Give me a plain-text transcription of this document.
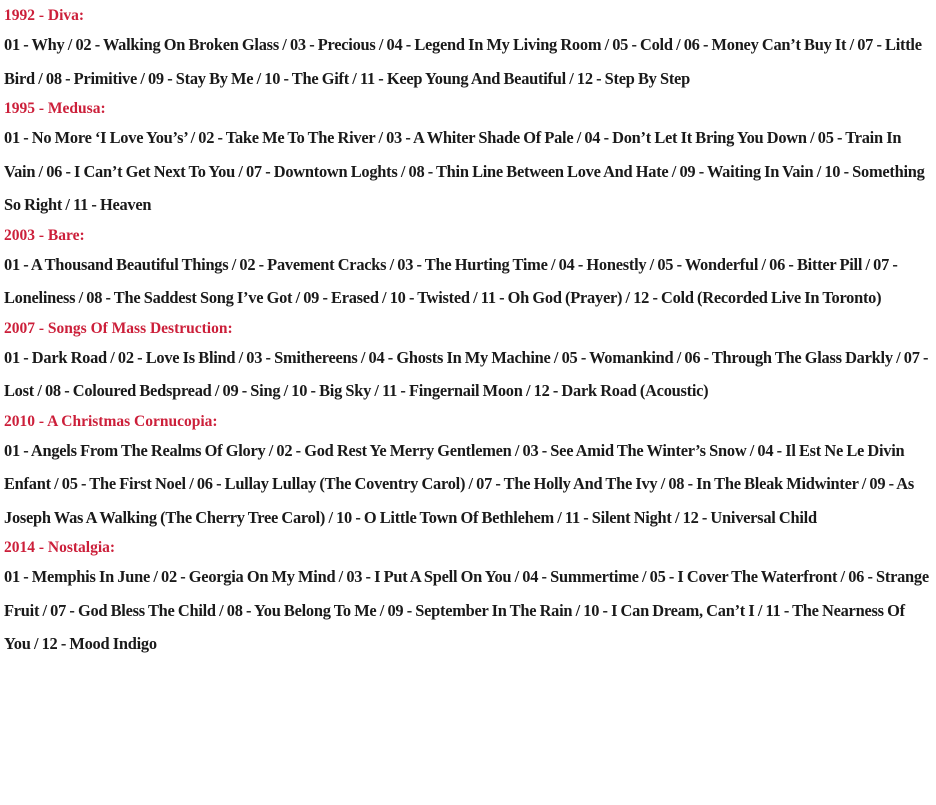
1992 - Diva:
01 - Why / 02 - Walking On Broken Glass / 03 - Precious / 04 - Legend In My Living Room / 05 - Cold / 06 - Money Can’t Buy It / 07 - Little Bird / 08 - Primitive / 09 - Stay By Me / 10 - The Gift / 11 - Keep Young And Beautiful / 12 - Step By Step
1995 - Medusa:
01 - No More ‘I Love You’s’ / 02 - Take Me To The River / 03 - A Whiter Shade Of Pale / 04 - Don’t Let It Bring You Down / 05 - Train In Vain / 06 - I Can’t Get Next To You / 07 - Downtown Loghts / 08 - Thin Line Between Love And Hate / 09 - Waiting In Vain / 10 - Something So Right / 11 - Heaven
2003 - Bare:
01 - A Thousand Beautiful Things / 02 - Pavement Cracks / 03 - The Hurting Time / 04 - Honestly / 05 - Wonderful / 06 - Bitter Pill / 07 - Loneliness / 08 - The Saddest Song I’ve Got / 09 - Erased / 10 - Twisted / 11 - Oh God (Prayer) / 12 - Cold (Recorded Live In Toronto)
2007 - Songs Of Mass Destruction:
01 - Dark Road / 02 - Love Is Blind / 03 - Smithereens / 04 - Ghosts In My Machine / 05 - Womankind / 06 - Through The Glass Darkly / 07 - Lost / 08 - Coloured Bedspread / 09 - Sing / 10 - Big Sky / 11 - Fingernail Moon / 12 - Dark Road (Acoustic)
2010 - A Christmas Cornucopia:
01 - Angels From The Realms Of Glory / 02 - God Rest Ye Merry Gentlemen / 03 - See Amid The Winter’s Snow / 04 - Il Est Ne Le Divin Enfant / 05 - The First Noel / 06 - Lullay Lullay (The Coventry Carol) / 07 - The Holly And The Ivy / 08 - In The Bleak Midwinter / 09 - As Joseph Was A Walking (The Cherry Tree Carol) / 10 - O Little Town Of Bethlehem / 11 - Silent Night / 12 - Universal Child
2014 - Nostalgia:
01 - Memphis In June / 02 - Georgia On My Mind / 03 - I Put A Spell On You / 04 - Summertime / 05 - I Cover The Waterfront / 06 - Strange Fruit / 07 - God Bless The Child / 08 - You Belong To Me / 09 - September In The Rain / 10 - I Can Dream, Can’t I / 11 - The Nearness Of You / 12 - Mood Indigo
